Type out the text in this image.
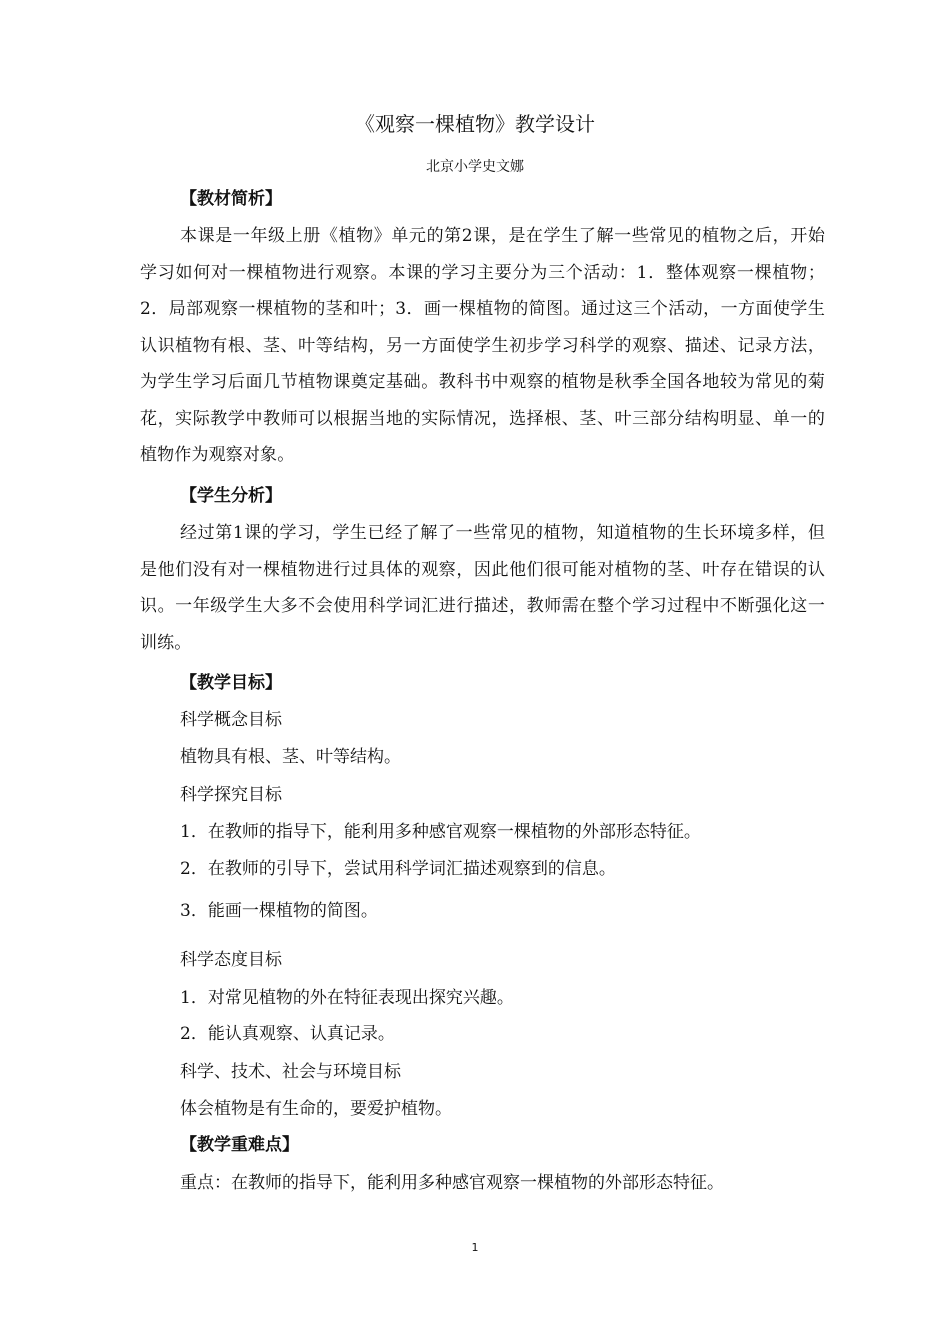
《观察一棵植物》教学设计
北京小学史文娜
【教材简析】

本课是一年级上册《植物》单元的第2课，是在学生了解一些常见的植物之后，开始学习如何对一棵植物进行观察。本课的学习主要分为三个活动：1．整体观察一棵植物；2．局部观察一棵植物的茎和叶；3．画一棵植物的简图。通过这三个活动，一方面使学生认识植物有根、茎、叶等结构，另一方面使学生初步学习科学的观察、描述、记录方法，为学生学习后面几节植物课奠定基础。教科书中观察的植物是秋季全国各地较为常见的菊花，实际教学中教师可以根据当地的实际情况，选择根、茎、叶三部分结构明显、单一的植物作为观察对象。

【学生分析】

经过第1课的学习，学生已经了解了一些常见的植物，知道植物的生长环境多样，但是他们没有对一棵植物进行过具体的观察，因此他们很可能对植物的茎、叶存在错误的认识。一年级学生大多不会使用科学词汇进行描述，教师需在整个学习过程中不断强化这一训练。

【教学目标】

科学概念目标

植物具有根、茎、叶等结构。

科学探究目标

1．在教师的指导下，能利用多种感官观察一棵植物的外部形态特征。

2．在教师的引导下，尝试用科学词汇描述观察到的信息。

3．能画一棵植物的简图。

科学态度目标

1．对常见植物的外在特征表现出探究兴趣。

2．能认真观察、认真记录。

科学、技术、社会与环境目标

体会植物是有生命的，要爱护植物。

【教学重难点】

重点：在教师的指导下，能利用多种感官观察一棵植物的外部形态特征。

1
